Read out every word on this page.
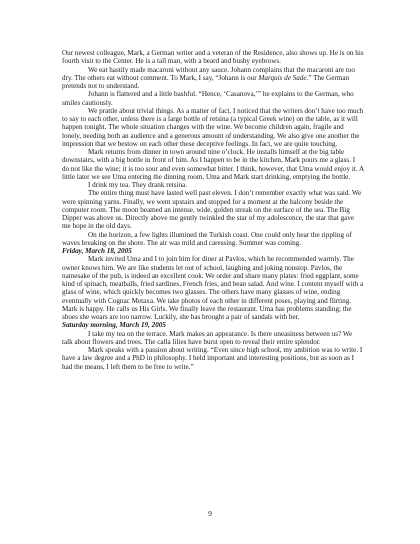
Our newest colleague, Mark, a German writer and a veteran of the Residence, also shows up. He is on his fourth visit to the Center. He is a tall man, with a beard and bushy eyebrows.

We eat hastily made macaroni without any sauce. Johann complains that the macaroni are too dry. The others eat without comment. To Mark, I say, “Johann is our Marquis de Sade.” The German pretends not to understand.

Johann is flattered and a little bashful. “Hence, ‘Casanova,’” he explains to the German, who smiles cautiously.

We prattle about trivial things. As a matter of fact, I noticed that the writers don’t have too much to say to each other, unless there is a large bottle of retsina (a typical Greek wine) on the table, as it will happen tonight. The whole situation changes with the wine. We become children again, fragile and lonely, needing both an audience and a generous amount of understanding. We also give one another the impression that we bestow on each other these deceptive feelings. In fact, we are quite touching.

Mark returns from dinner in town around nine o’clock. He installs himself at the big table downstairs, with a big bottle in front of him. As I happen to be in the kitchen, Mark pours me a glass. I do not like the wine; it is too sour and even somewhat bitter. I think, however, that Uma would enjoy it. A little later we see Uma entering the dinning room. Uma and Mark start drinking, emptying the bottle.

I drink my tea. They drank retsina.

The entire thing must have lasted well past eleven. I don’t remember exactly what was said. We were spinning yarns. Finally, we went upstairs and stopped for a moment at the balcony beside the computer room. The moon beamed an intense, wide, golden streak on the surface of the sea. The Big Dipper was above us. Directly above me gently twinkled the star of my adolescence, the star that gave me hope in the old days.

On the horizon, a few lights illumined the Turkish coast. One could only hear the rippling of waves breaking on the shore. The air was mild and caressing. Summer was coming.

Friday, March 18, 2005

Mark invited Uma and I to join him for diner at Pavlos, which he recommended warmly. The owner knows him. We are like students let out of school, laughing and joking nonstop. Pavlos, the namesake of the pub, is indeed an excellent cook. We order and share many plates: fried eggplant, some kind of spinach, meatballs, fried sardines, French fries, and bean salad. And wine. I content myself with a glass of wine, which quickly becomes two glasses. The others have many glasses of wine, ending eventually with Cognac Metaxa. We take photos of each other in different poses, playing and flirting. Mark is happy. He calls us His Girls. We finally leave the restaurant. Uma has problems standing; the shoes she wears are too narrow. Luckily, she has brought a pair of sandals with her.

Saturday morning, March 19, 2005

I take my tea on the terrace. Mark makes an appearance. Is there uneasiness between us? We talk about flowers and trees. The calla lilies have burst open to reveal their entire splendor.

Mark speaks with a passion about writing. “Even since high school, my ambition was to write. I have a law degree and a PhD in philosophy. I held important and interesting positions, but as soon as I had the means, I left them to be free to write.”

9
